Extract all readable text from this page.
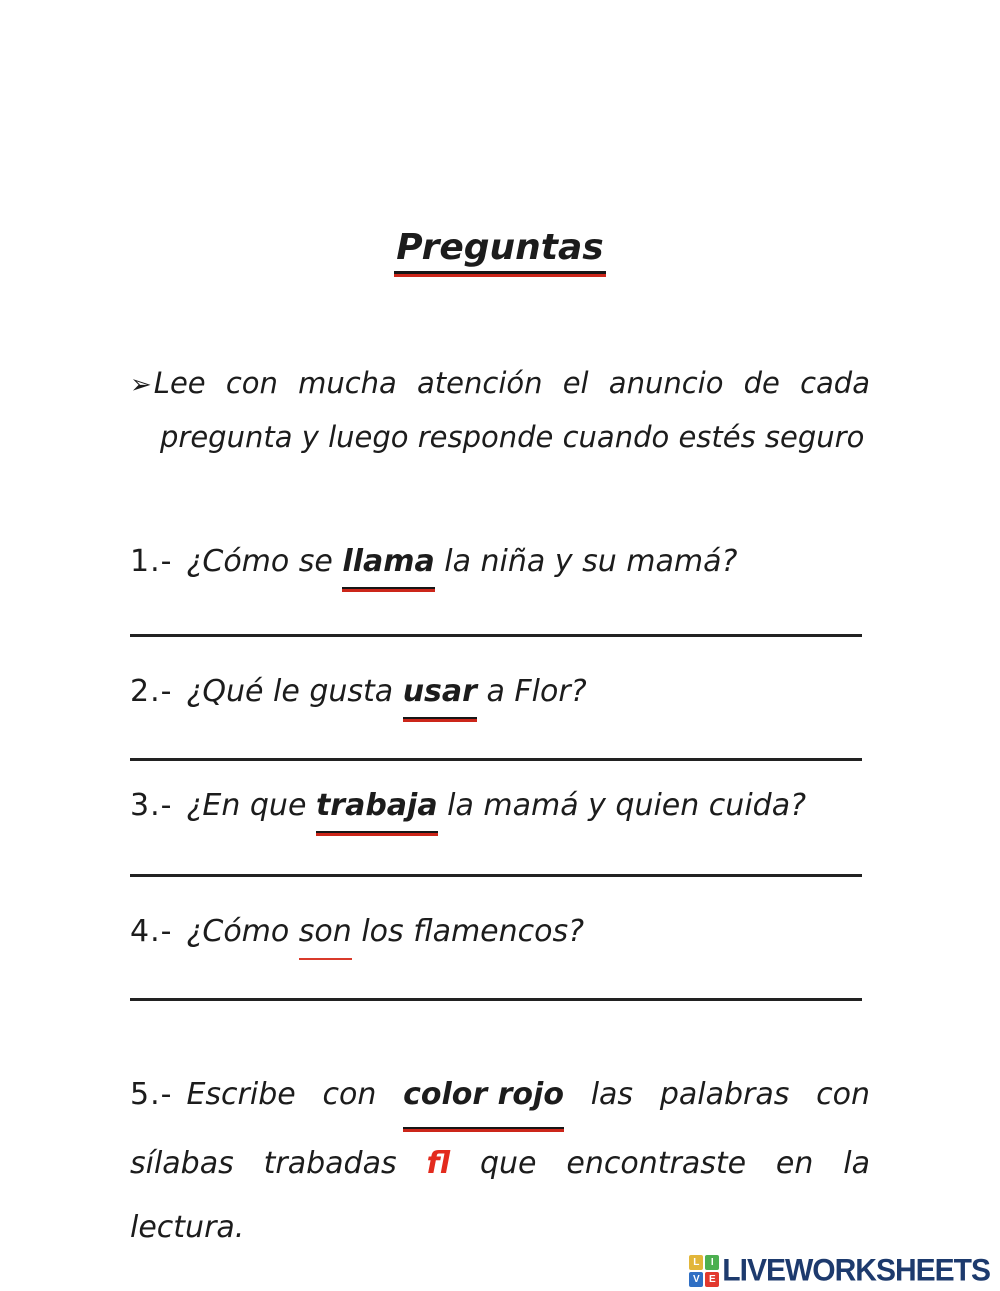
Preguntas

➢Lee con mucha atención el anuncio de cada pregunta y luego responde cuando estés seguro

1.- ¿Cómo se llama la niña y su mamá?

2.- ¿Qué le gusta usar a Flor?

3.- ¿En que trabaja la mamá y quien cuida?

4.- ¿Cómo son los flamencos?

5.- Escribe con color rojo las palabras con sílabas trabadas fl que encontraste en la lectura.

L	I
V E LIVEWORKSHEETS
